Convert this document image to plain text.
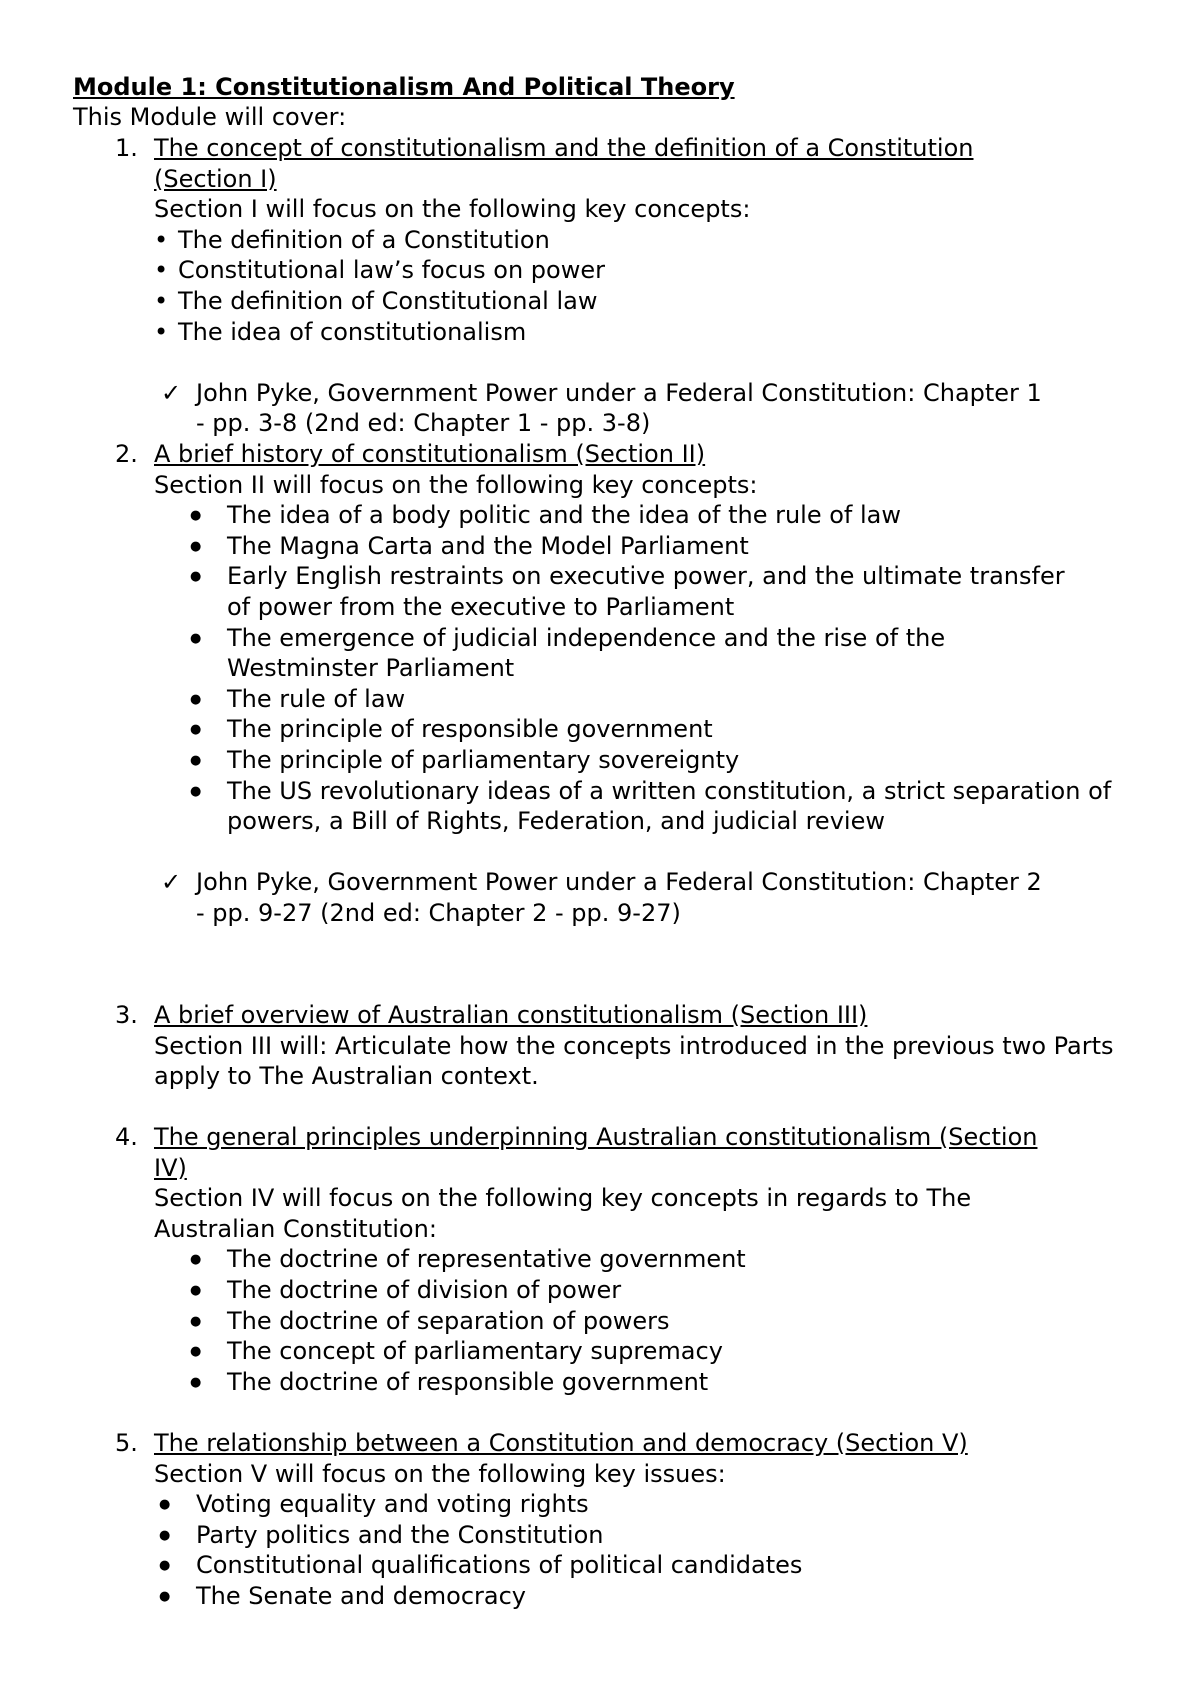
Module 1: Constitutionalism And Political Theory
This Module will cover:
1. The concept of constitutionalism and the definition of a Constitution
(Section I)
Section I will focus on the following key concepts:
• The definition of a Constitution
• Constitutional law’s focus on power
• The definition of Constitutional law
• The idea of constitutionalism
✓ John Pyke, Government Power under a Federal Constitution: Chapter 1
- pp. 3-8 (2nd ed: Chapter 1 - pp. 3-8)
2. A brief history of constitutionalism (Section II)
Section II will focus on the following key concepts:
● The idea of a body politic and the idea of the rule of law
● The Magna Carta and the Model Parliament
● Early English restraints on executive power, and the ultimate transfer of power from the executive to Parliament
● The emergence of judicial independence and the rise of the Westminster Parliament
● The rule of law
● The principle of responsible government
● The principle of parliamentary sovereignty
● The US revolutionary ideas of a written constitution, a strict separation of powers, a Bill of Rights, Federation, and judicial review
✓ John Pyke, Government Power under a Federal Constitution: Chapter 2
- pp. 9-27 (2nd ed: Chapter 2 - pp. 9-27)
3. A brief overview of Australian constitutionalism (Section III)
Section III will: Articulate how the concepts introduced in the previous two Parts apply to The Australian context.
4. The general principles underpinning Australian constitutionalism (Section
IV)
Section IV will focus on the following key concepts in regards to The Australian Constitution:
● The doctrine of representative government
● The doctrine of division of power
● The doctrine of separation of powers
● The concept of parliamentary supremacy
● The doctrine of responsible government
5. The relationship between a Constitution and democracy (Section V)
Section V will focus on the following key issues:
● Voting equality and voting rights
● Party politics and the Constitution
● Constitutional qualifications of political candidates
● The Senate and democracy
